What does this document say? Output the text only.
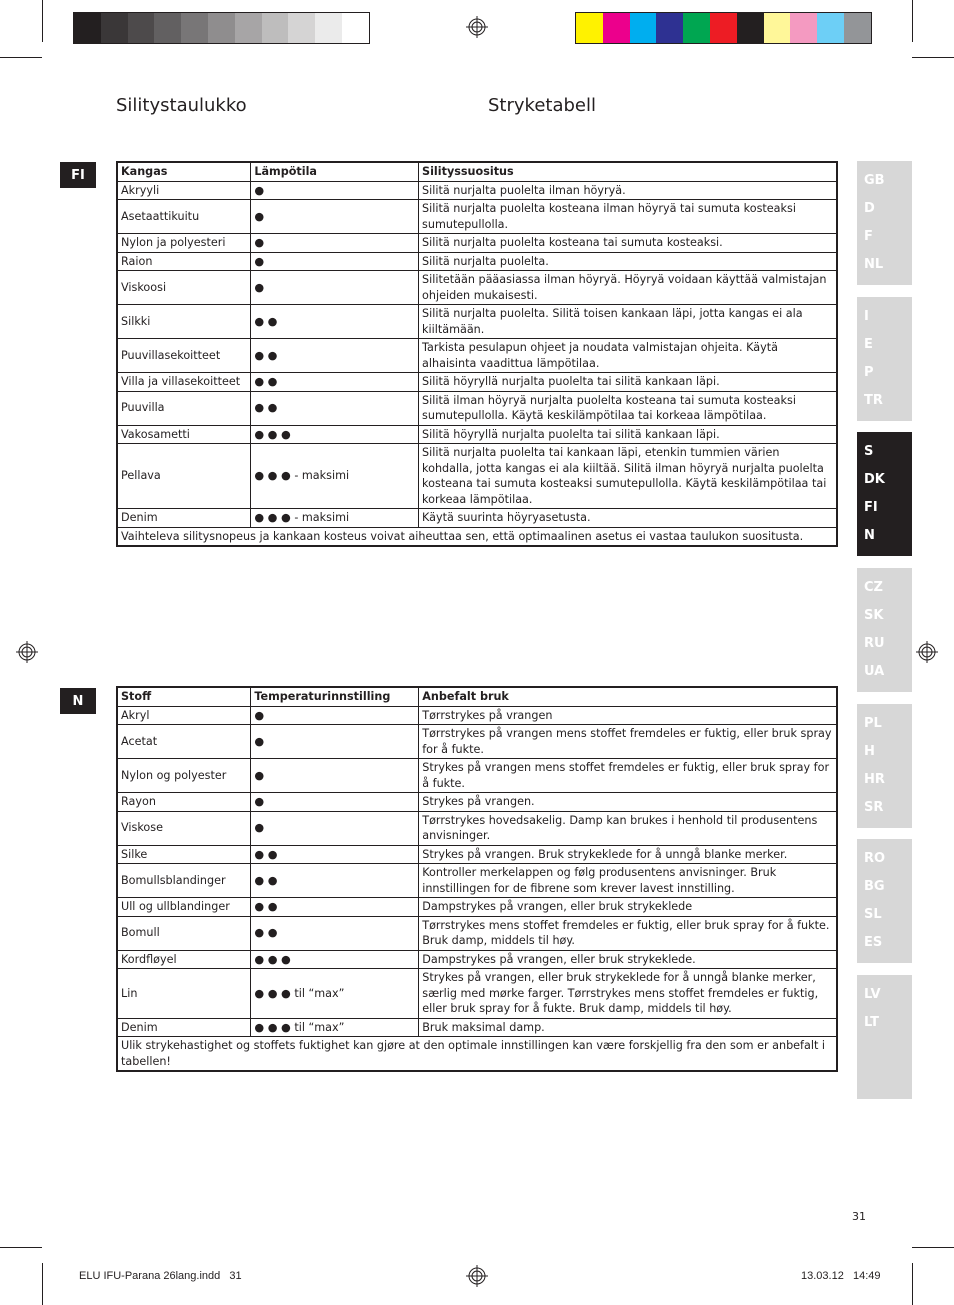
Silitystaulukko	Stryketabell
FI	Kangas	Lämpötila	Silityssuositus
Akryyli	●	Silitä nurjalta puolelta ilman höyryä.
Asetaattikuitu	●	Silitä nurjalta puolelta kosteana ilman höyryä tai sumuta kosteaksi sumutepullolla.
Nylon ja polyesteri	●	Silitä nurjalta puolelta kosteana tai sumuta kosteaksi.
Raion	●	Silitä nurjalta puolelta.
Viskoosi	●	Silitetään pääasiassa ilman höyryä. Höyryä voidaan käyttää valmistajan ohjeiden mukaisesti.
Silkki	● ●	Silitä nurjalta puolelta. Silitä toisen kankaan läpi, jotta kangas ei ala kiiltämään.
Puuvillasekoitteet	● ●	Tarkista pesulapun ohjeet ja noudata valmistajan ohjeita. Käytä alhaisinta vaadittua lämpötilaa.
Villa ja villasekoitteet	● ●	Silitä höyryllä nurjalta puolelta tai silitä kankaan läpi.
Puuvilla	● ●	Silitä ilman höyryä nurjalta puolelta kosteana tai sumuta kosteaksi sumutepullolla. Käytä keskilämpötilaa tai korkeaa lämpötilaa.
Vakosametti	● ● ●	Silitä höyryllä nurjalta puolelta tai silitä kankaan läpi.
Pellava	● ● ● - maksimi	Silitä nurjalta puolelta tai kankaan läpi, etenkin tummien värien kohdalla, jotta kangas ei ala kiiltää. Silitä ilman höyryä nurjalta puolelta kosteana tai sumuta kosteaksi sumutepullolla. Käytä keskilämpötilaa tai korkeaa lämpötilaa.
Denim	● ● ● - maksimi	Käytä suurinta höyryasetusta.
Vaihteleva silitysnopeus ja kankaan kosteus voivat aiheuttaa sen, että optimaalinen asetus ei vastaa taulukon suositusta.		
N	Stoff	Temperaturinnstilling	Anbefalt bruk
Akryl	●	Tørrstrykes på vrangen
Acetat	●	Tørrstrykes på vrangen mens stoffet fremdeles er fuktig, eller bruk spray for å fukte.
Nylon og polyester	●	Strykes på vrangen mens stoffet fremdeles er fuktig, eller bruk spray for å fukte.
Rayon	●	Strykes på vrangen.
Viskose	●	Tørrstrykes hovedsakelig. Damp kan brukes i henhold til produsentens anvisninger.
Silke	● ●	Strykes på vrangen. Bruk strykeklede for å unngå blanke merker.
Bomullsblandinger	● ●	Kontroller merkelappen og følg produsentens anvisninger. Bruk innstillingen for de fibrene som krever lavest innstilling.
Ull og ullblandinger	● ●	Dampstrykes på vrangen, eller bruk strykeklede
Bomull	● ●	Tørrstrykes mens stoffet fremdeles er fuktig, eller bruk spray for å fukte. Bruk damp, middels til høy.
Kordfløyel	● ● ●	Dampstrykes på vrangen, eller bruk strykeklede.
Lin	● ● ● til “max”	Strykes på vrangen, eller bruk strykeklede for å unngå blanke merker, særlig med mørke farger. Tørrstrykes mens stoffet fremdeles er fuktig, eller bruk spray for å fukte. Bruk damp, middels til høy.
Denim	● ● ● til “max”	Bruk maksimal damp.
Ulik strykehastighet og stoffets fuktighet kan gjøre at den optimale innstillingen kan være forskjellig fra den som er anbefalt i tabellen!		
GB
D
F
NL
I
E
P
TR
S
DK
FI
N
CZ
SK
RU
UA
PL
H
HR
SR
RO
BG
SL
ES
LV
LT
31
ELU IFU-Parana 26lang.indd   31	13.03.12   14:49
